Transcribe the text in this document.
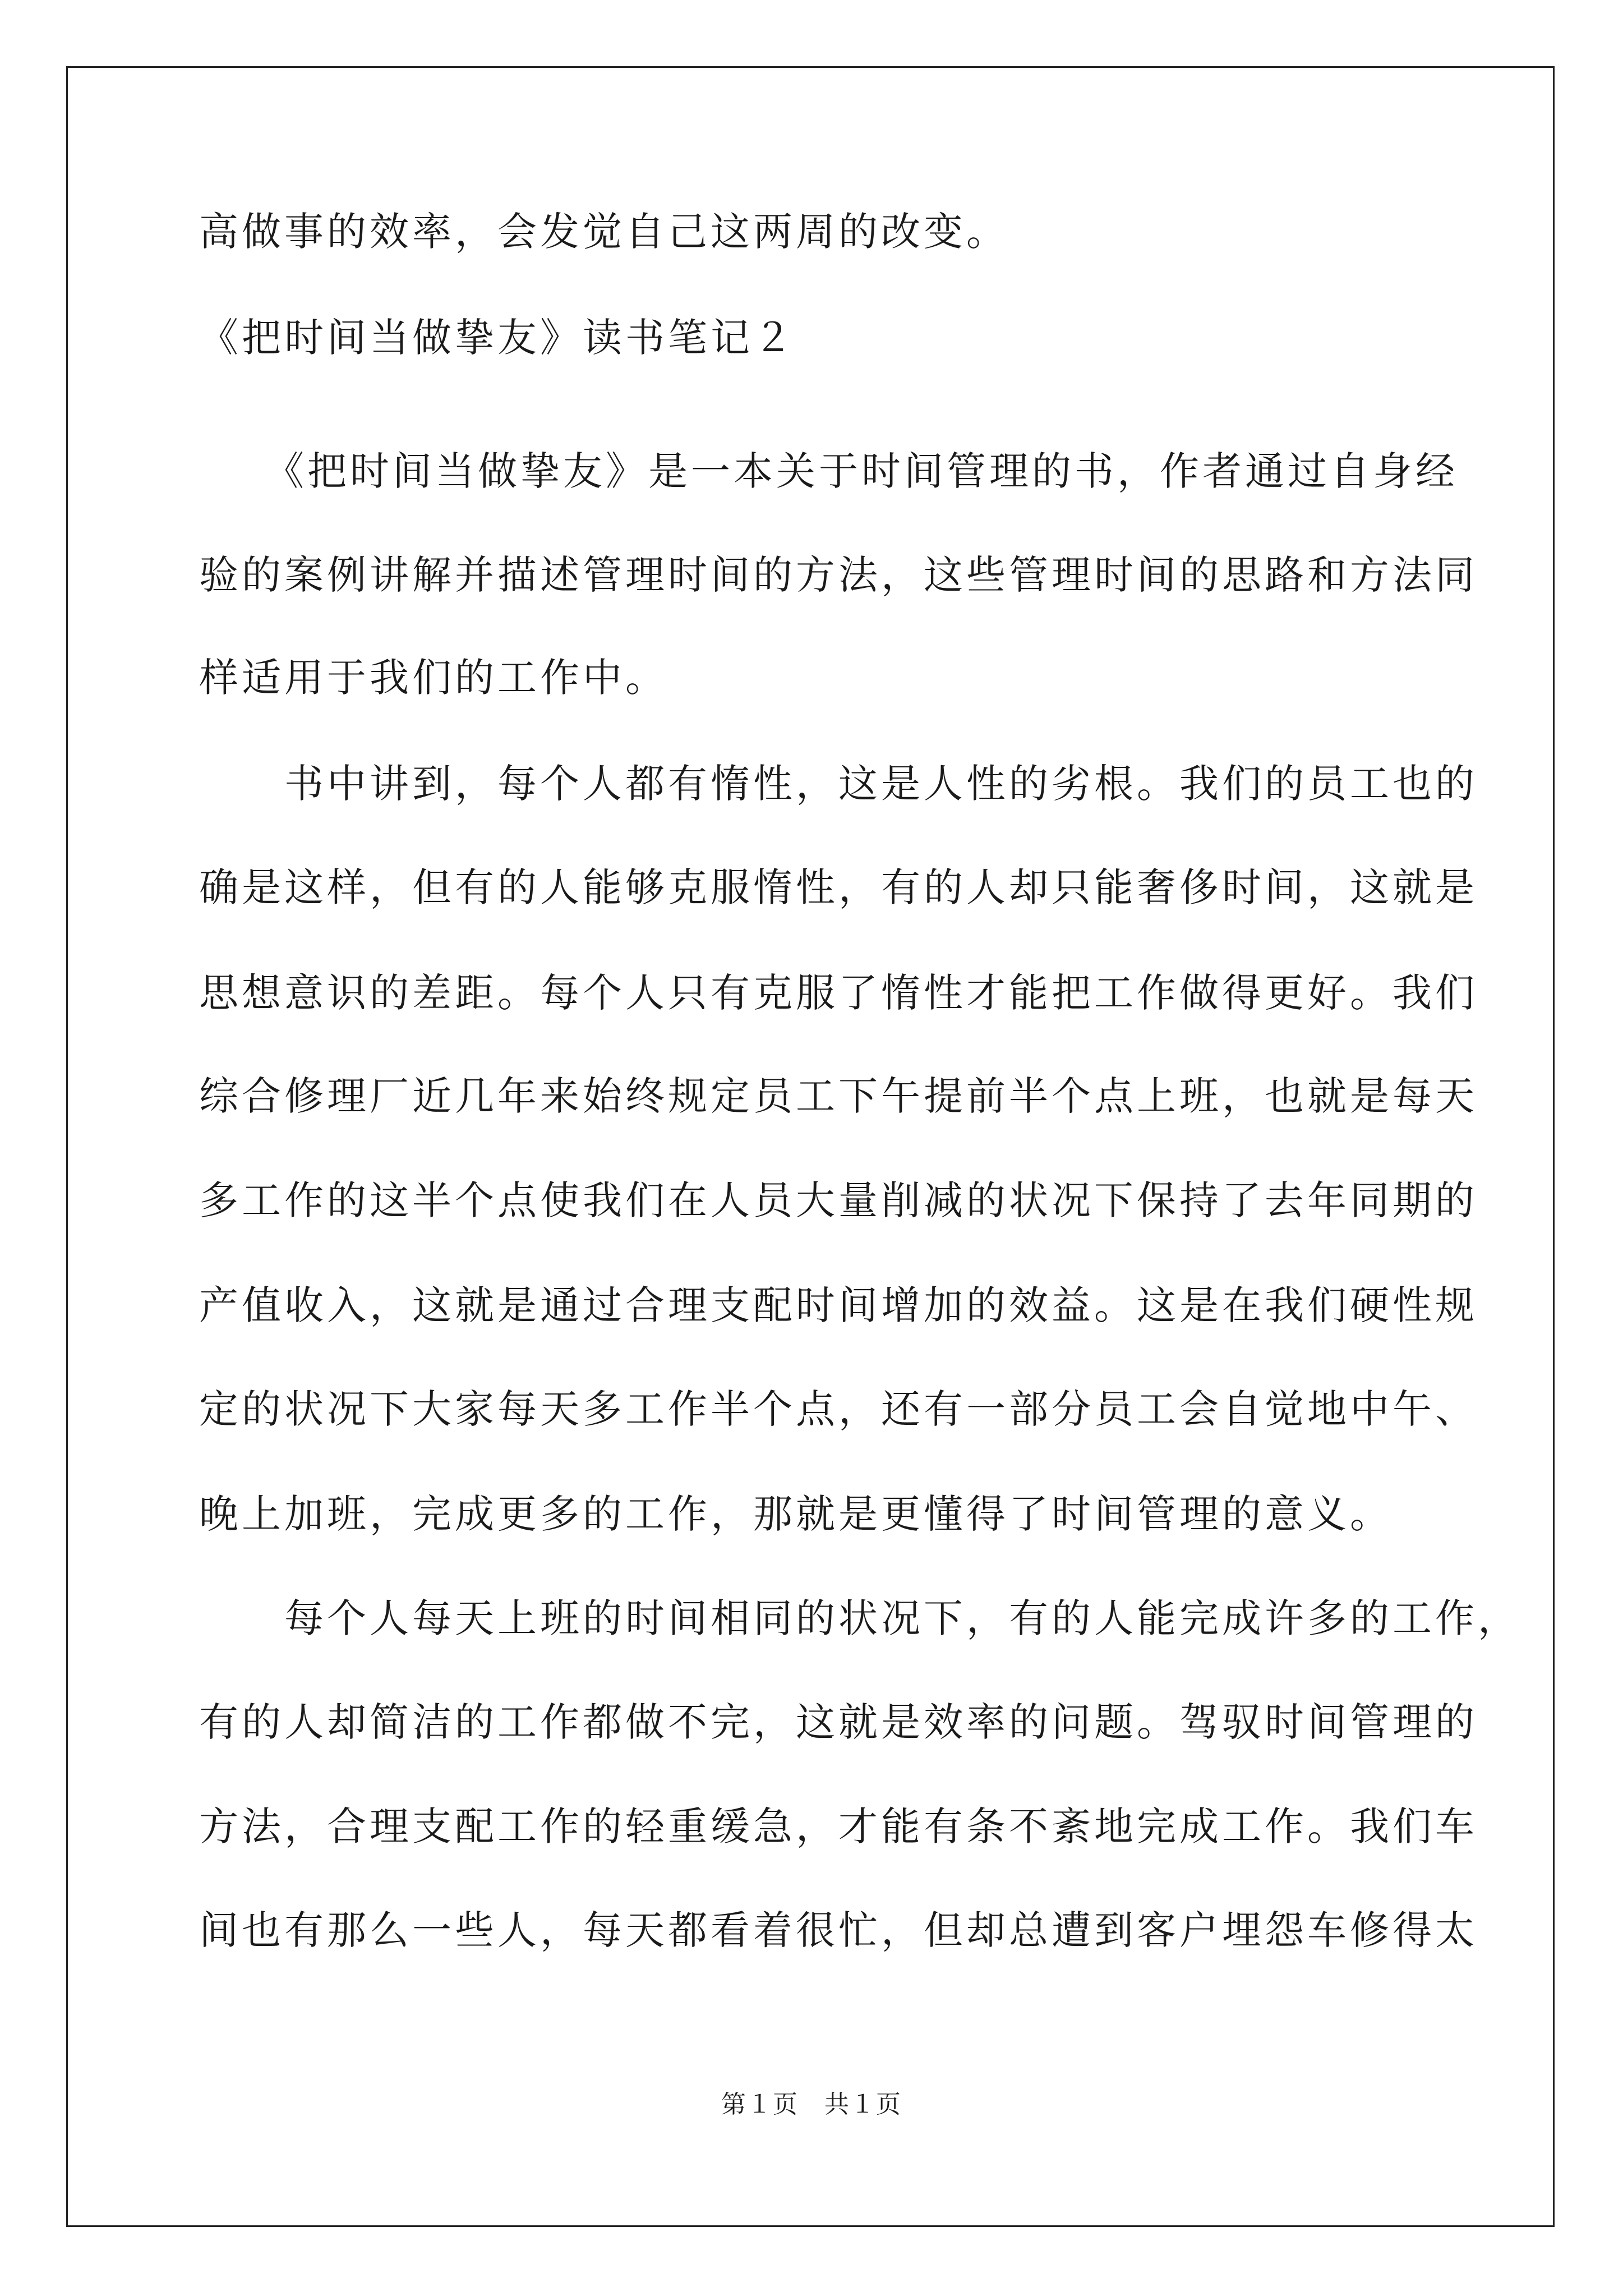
高做事的效率，会发觉自己这两周的改变。
《把时间当做挚友》读书笔记２
　　《把时间当做挚友》是一本关于时间管理的书，作者通过自身经
验的案例讲解并描述管理时间的方法，这些管理时间的思路和方法同
样适用于我们的工作中。
　　书中讲到，每个人都有惰性，这是人性的劣根。我们的员工也的
确是这样，但有的人能够克服惰性，有的人却只能奢侈时间，这就是
思想意识的差距。每个人只有克服了惰性才能把工作做得更好。我们
综合修理厂近几年来始终规定员工下午提前半个点上班，也就是每天
多工作的这半个点使我们在人员大量削减的状况下保持了去年同期的
产值收入，这就是通过合理支配时间增加的效益。这是在我们硬性规
定的状况下大家每天多工作半个点，还有一部分员工会自觉地中午、
晚上加班，完成更多的工作，那就是更懂得了时间管理的意义。
　　每个人每天上班的时间相同的状况下，有的人能完成许多的工作，
有的人却简洁的工作都做不完，这就是效率的问题。驾驭时间管理的
方法，合理支配工作的轻重缓急，才能有条不紊地完成工作。我们车
间也有那么一些人，每天都看着很忙，但却总遭到客户埋怨车修得太
第１页　共１页
